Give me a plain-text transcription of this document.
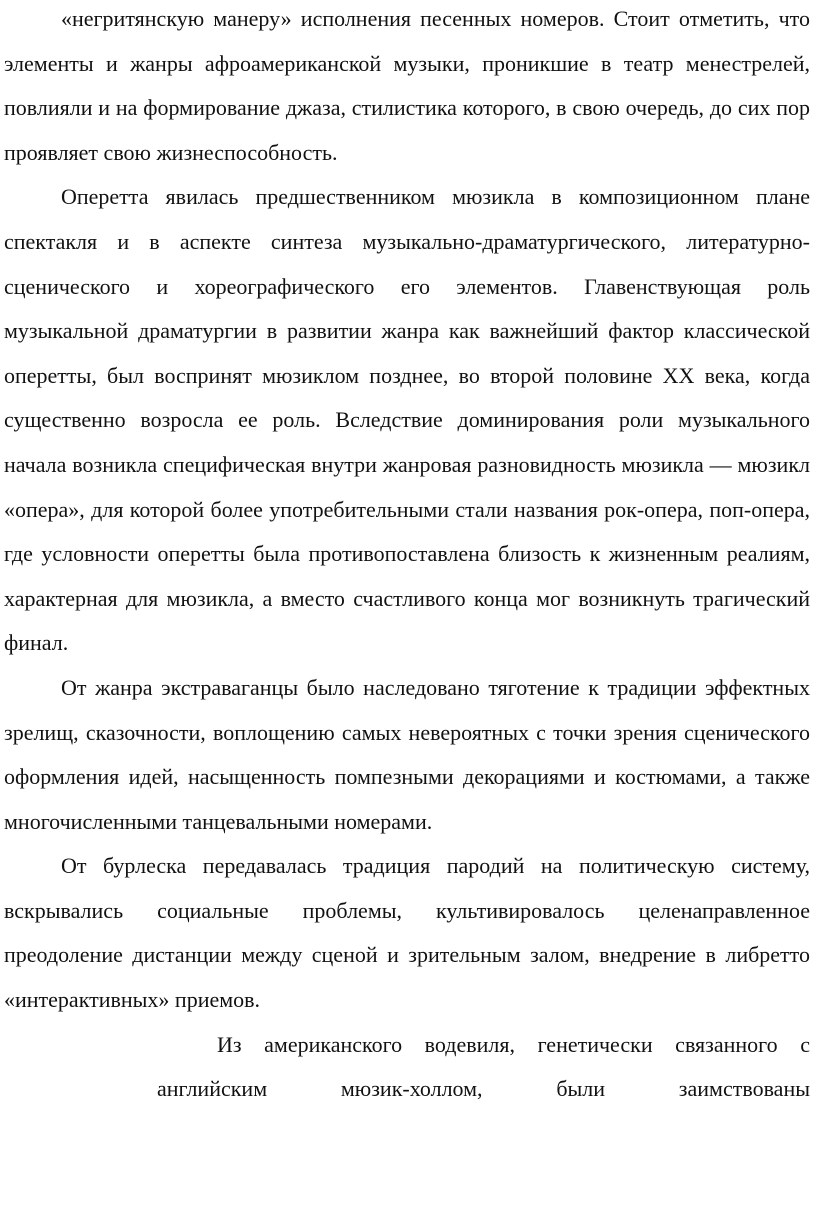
«негритянскую манеру» исполнения песенных номеров. Стоит отметить, что элементы и жанры афроамериканской музыки, проникшие в театр менестрелей, повлияли и на формирование джаза, стилистика которого, в свою очередь, до сих пор проявляет свою жизнеспособность.

Оперетта явилась предшественником мюзикла в композиционном плане спектакля и в аспекте синтеза музыкально-драматургического, литературно-сценического и хореографического его элементов. Главенствующая роль музыкальной драматургии в развитии жанра как важнейший фактор классической оперетты, был воспринят мюзиклом позднее, во второй половине XX века, когда существенно возросла ее роль. Вследствие доминирования роли музыкального начала возникла специфическая внутри жанровая разновидность мюзикла — мюзикл «опера», для которой более употребительными стали названия рок-опера, поп-опера, где условности оперетты была противопоставлена близость к жизненным реалиям, характерная для мюзикла, а вместо счастливого конца мог возникнуть трагический финал.

От жанра экстраваганцы было наследовано тяготение к традиции эффектных зрелищ, сказочности, воплощению самых невероятных с точки зрения сценического оформления идей, насыщенность помпезными декорациями и костюмами, а также многочисленными танцевальными номерами.

От бурлеска передавалась традиция пародий на политическую систему, вскрывались социальные проблемы, культивировалось целенаправленное преодоление дистанции между сценой и зрительным залом, внедрение в либретто «интерактивных» приемов.

Из американского водевиля, генетически связанного с

английским мюзик-холлом, были заимствованы
